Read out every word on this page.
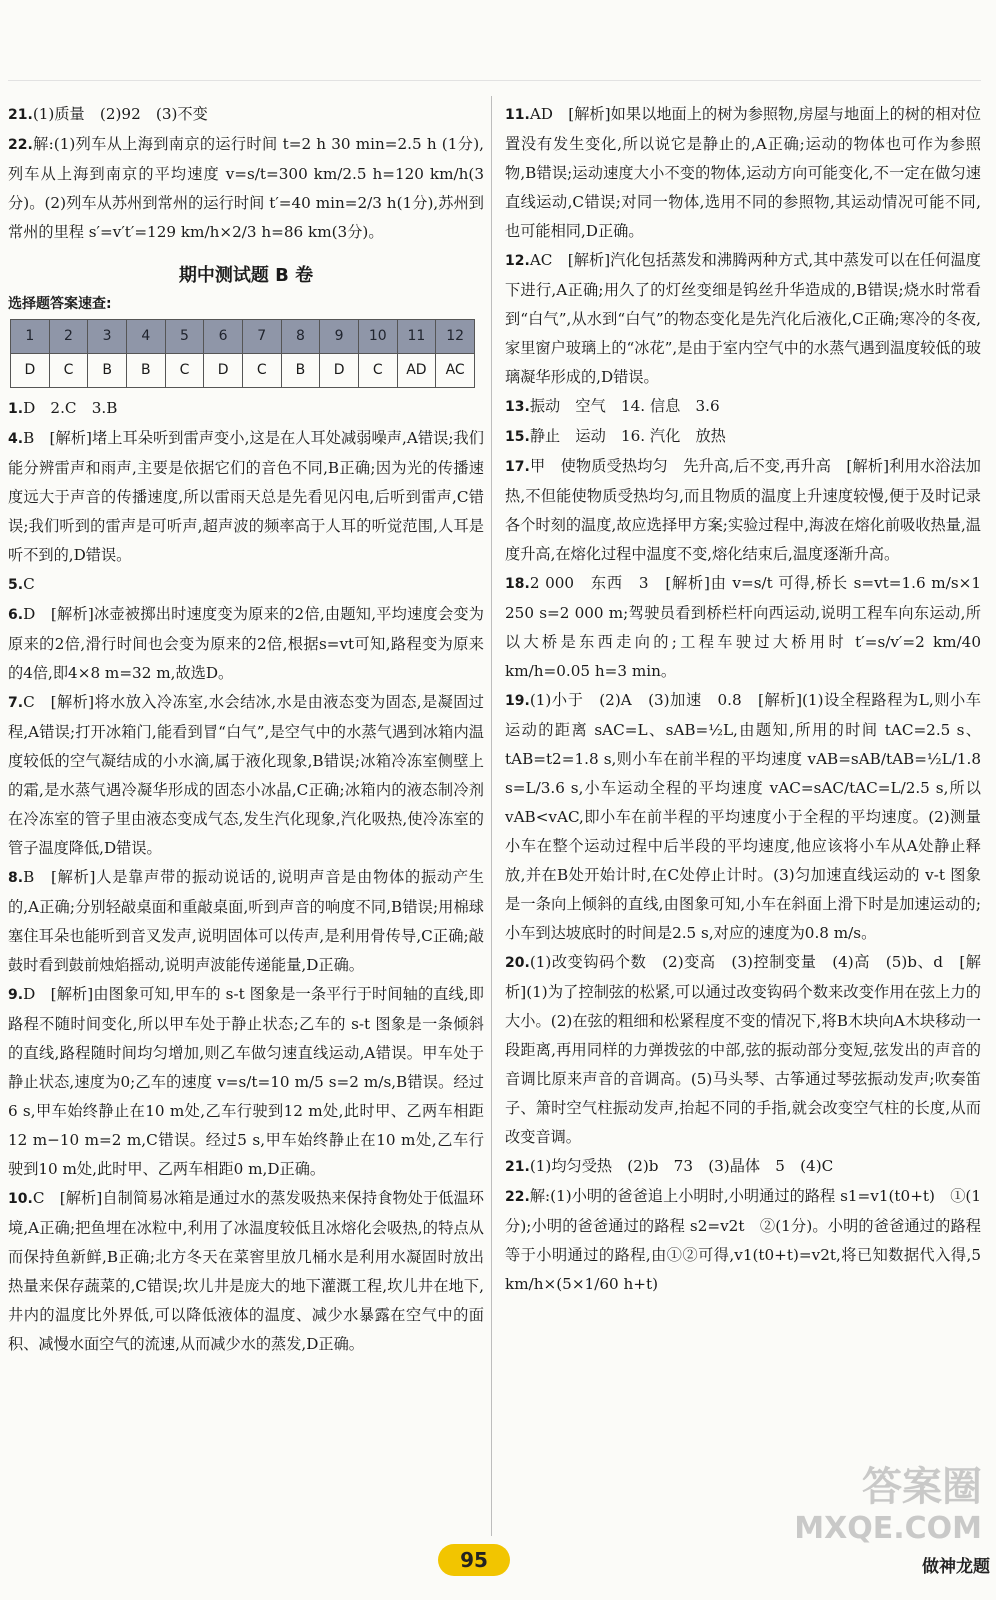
21.(1)质量　(2)92　(3)不变
22.解:(1)列车从上海到南京的运行时间 t=2 h 30 min=2.5 h (1分),列车从上海到南京的平均速度 v=s/t=300 km/2.5 h=120 km/h(3分)。(2)列车从苏州到常州的运行时间 t′=40 min=2/3 h(1分),苏州到常州的里程 s′=v′t′=129 km/h×2/3 h=86 km(3分)。
期中测试题 B 卷
选择题答案速查:
1	2	3	4	5	6	7	8	9	10	11	12
D	C	B	B	C	D	C	B	D	C	AD	AC
1.D　2.C　3.B
4.B　[解析]堵上耳朵听到雷声变小,这是在人耳处减弱噪声,A错误;我们能分辨雷声和雨声,主要是依据它们的音色不同,B正确;因为光的传播速度远大于声音的传播速度,所以雷雨天总是先看见闪电,后听到雷声,C错误;我们听到的雷声是可听声,超声波的频率高于人耳的听觉范围,人耳是听不到的,D错误。
5.C
6.D　[解析]冰壶被掷出时速度变为原来的2倍,由题知,平均速度会变为原来的2倍,滑行时间也会变为原来的2倍,根据s=vt可知,路程变为原来的4倍,即4×8 m=32 m,故选D。
7.C　[解析]将水放入冷冻室,水会结冰,水是由液态变为固态,是凝固过程,A错误;打开冰箱门,能看到冒“白气”,是空气中的水蒸气遇到冰箱内温度较低的空气凝结成的小水滴,属于液化现象,B错误;冰箱冷冻室侧壁上的霜,是水蒸气遇冷凝华形成的固态小冰晶,C正确;冰箱内的液态制冷剂在冷冻室的管子里由液态变成气态,发生汽化现象,汽化吸热,使冷冻室的管子温度降低,D错误。
8.B　[解析]人是靠声带的振动说话的,说明声音是由物体的振动产生的,A正确;分别轻敲桌面和重敲桌面,听到声音的响度不同,B错误;用棉球塞住耳朵也能听到音叉发声,说明固体可以传声,是利用骨传导,C正确;敲鼓时看到鼓前烛焰摇动,说明声波能传递能量,D正确。
9.D　[解析]由图象可知,甲车的 s-t 图象是一条平行于时间轴的直线,即路程不随时间变化,所以甲车处于静止状态;乙车的 s-t 图象是一条倾斜的直线,路程随时间均匀增加,则乙车做匀速直线运动,A错误。甲车处于静止状态,速度为0;乙车的速度 v=s/t=10 m/5 s=2 m/s,B错误。经过6 s,甲车始终静止在10 m处,乙车行驶到12 m处,此时甲、乙两车相距12 m−10 m=2 m,C错误。经过5 s,甲车始终静止在10 m处,乙车行驶到10 m处,此时甲、乙两车相距0 m,D正确。
10.C　[解析]自制简易冰箱是通过水的蒸发吸热来保持食物处于低温环境,A正确;把鱼埋在冰粒中,利用了冰温度较低且冰熔化会吸热,的特点从而保持鱼新鲜,B正确;北方冬天在菜窖里放几桶水是利用水凝固时放出热量来保存蔬菜的,C错误;坎儿井是庞大的地下灌溉工程,坎儿井在地下,井内的温度比外界低,可以降低液体的温度、减少水暴露在空气中的面积、减慢水面空气的流速,从而减少水的蒸发,D正确。
11.AD　[解析]如果以地面上的树为参照物,房屋与地面上的树的相对位置没有发生变化,所以说它是静止的,A正确;运动的物体也可作为参照物,B错误;运动速度大小不变的物体,运动方向可能变化,不一定在做匀速直线运动,C错误;对同一物体,选用不同的参照物,其运动情况可能不同,也可能相同,D正确。
12.AC　[解析]汽化包括蒸发和沸腾两种方式,其中蒸发可以在任何温度下进行,A正确;用久了的灯丝变细是钨丝升华造成的,B错误;烧水时常看到“白气”,从水到“白气”的物态变化是先汽化后液化,C正确;寒冷的冬夜,家里窗户玻璃上的“冰花”,是由于室内空气中的水蒸气遇到温度较低的玻璃凝华形成的,D错误。
13.振动　空气　14. 信息　3.6
15.静止　运动　16. 汽化　放热
17.甲　使物质受热均匀　先升高,后不变,再升高　[解析]利用水浴法加热,不但能使物质受热均匀,而且物质的温度上升速度较慢,便于及时记录各个时刻的温度,故应选择甲方案;实验过程中,海波在熔化前吸收热量,温度升高,在熔化过程中温度不变,熔化结束后,温度逐渐升高。
18.2 000　东西　3　[解析]由 v=s/t 可得,桥长 s=vt=1.6 m/s×1 250 s=2 000 m;驾驶员看到桥栏杆向西运动,说明工程车向东运动,所以大桥是东西走向的;工程车驶过大桥用时 t′=s/v′=2 km/40 km/h=0.05 h=3 min。
19.(1)小于　(2)A　(3)加速　0.8　[解析](1)设全程路程为L,则小车运动的距离 sAC=L、sAB=½L,由题知,所用的时间 tAC=2.5 s、tAB=t2=1.8 s,则小车在前半程的平均速度 vAB=sAB/tAB=½L/1.8 s=L/3.6 s,小车运动全程的平均速度 vAC=sAC/tAC=L/2.5 s,所以 vAB<vAC,即小车在前半程的平均速度小于全程的平均速度。(2)测量小车在整个运动过程中后半段的平均速度,他应该将小车从A处静止释放,并在B处开始计时,在C处停止计时。(3)匀加速直线运动的 v-t 图象是一条向上倾斜的直线,由图象可知,小车在斜面上滑下时是加速运动的;小车到达坡底时的时间是2.5 s,对应的速度为0.8 m/s。
20.(1)改变钩码个数　(2)变高　(3)控制变量　(4)高　(5)b、d　[解析](1)为了控制弦的松紧,可以通过改变钩码个数来改变作用在弦上力的大小。(2)在弦的粗细和松紧程度不变的情况下,将B木块向A木块移动一段距离,再用同样的力弹拨弦的中部,弦的振动部分变短,弦发出的声音的音调比原来声音的音调高。(5)马头琴、古筝通过琴弦振动发声;吹奏笛子、箫时空气柱振动发声,抬起不同的手指,就会改变空气柱的长度,从而改变音调。
21.(1)均匀受热　(2)b　73　(3)晶体　5　(4)C
22.解:(1)小明的爸爸追上小明时,小明通过的路程 s1=v1(t0+t)　①(1分);小明的爸爸通过的路程 s2=v2t　②(1分)。小明的爸爸通过的路程等于小明通过的路程,由①②可得,v1(t0+t)=v2t,将已知数据代入得,5 km/h×(5×1/60 h+t)
答案圈
MXQE.COM
95	做神龙题
